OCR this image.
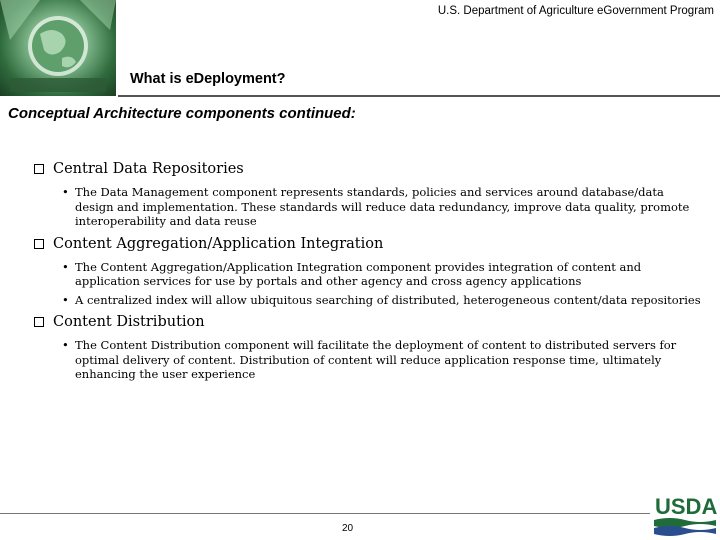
U.S. Department of Agriculture eGovernment Program
What is eDeployment?
Conceptual Architecture components continued:
Central Data Repositories
• The Data Management component represents standards, policies and services around database/data design and implementation. These standards will reduce data redundancy, improve data quality, promote interoperability and data reuse
Content Aggregation/Application Integration
• The Content Aggregation/Application Integration component provides integration of content and application services for use by portals and other agency and cross agency applications
• A centralized index will allow ubiquitous searching of distributed, heterogeneous content/data repositories
Content Distribution
• The Content Distribution component will facilitate the deployment of content to distributed servers for optimal delivery of content. Distribution of content will reduce application response time, ultimately enhancing the user experience
20
USDA
